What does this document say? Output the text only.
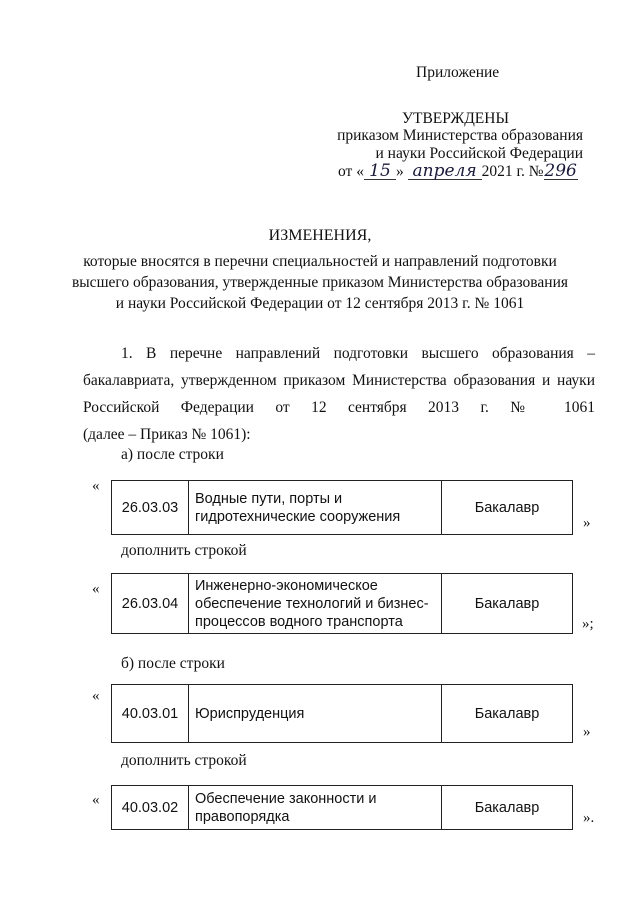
Приложение
УТВЕРЖДЕНЫ
приказом Министерства образования
и науки Российской Федерации
от « 15 » апреля 2021 г. №296
ИЗМЕНЕНИЯ,
которые вносятся в перечни специальностей и направлений подготовки
высшего образования, утвержденные приказом Министерства образования
и науки Российской Федерации от 12 сентября 2013 г. № 1061
1. В перечне направлений подготовки высшего образования –
бакалавриата, утвержденном приказом Министерства образования и науки
Российской Федерации от 12 сентября 2013 г. № 1061
(далее – Приказ № 1061):
а) после строки
«
26.03.03	Водные пути, порты и гидротехнические сооружения	Бакалавр
»
дополнить строкой
«
26.03.04	Инженерно-экономическое обеспечение технологий и бизнес-процессов водного транспорта	Бакалавр
»;
б) после строки
«
40.03.01	Юриспруденция	Бакалавр
»
дополнить строкой
« 40.03.02	Обеспечение законности и правопорядка	Бакалавр
».
